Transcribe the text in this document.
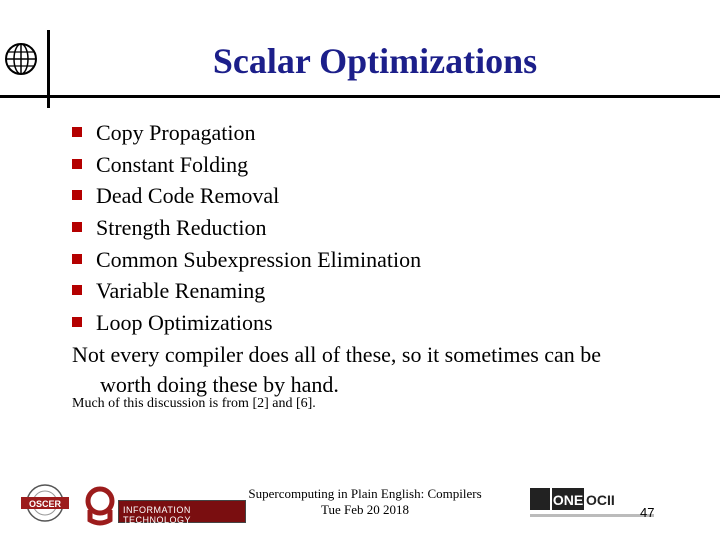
Scalar Optimizations
Copy Propagation
Constant Folding
Dead Code Removal
Strength Reduction
Common Subexpression Elimination
Variable Renaming
Loop Optimizations
Not every compiler does all of these, so it sometimes can be
worth doing these by hand.
Much of this discussion is from [2] and [6].
OSCER
INFORMATION TECHNOLOGY
Supercomputing in Plain English: Compilers
Tue Feb 20 2018
ONE OCII
47
